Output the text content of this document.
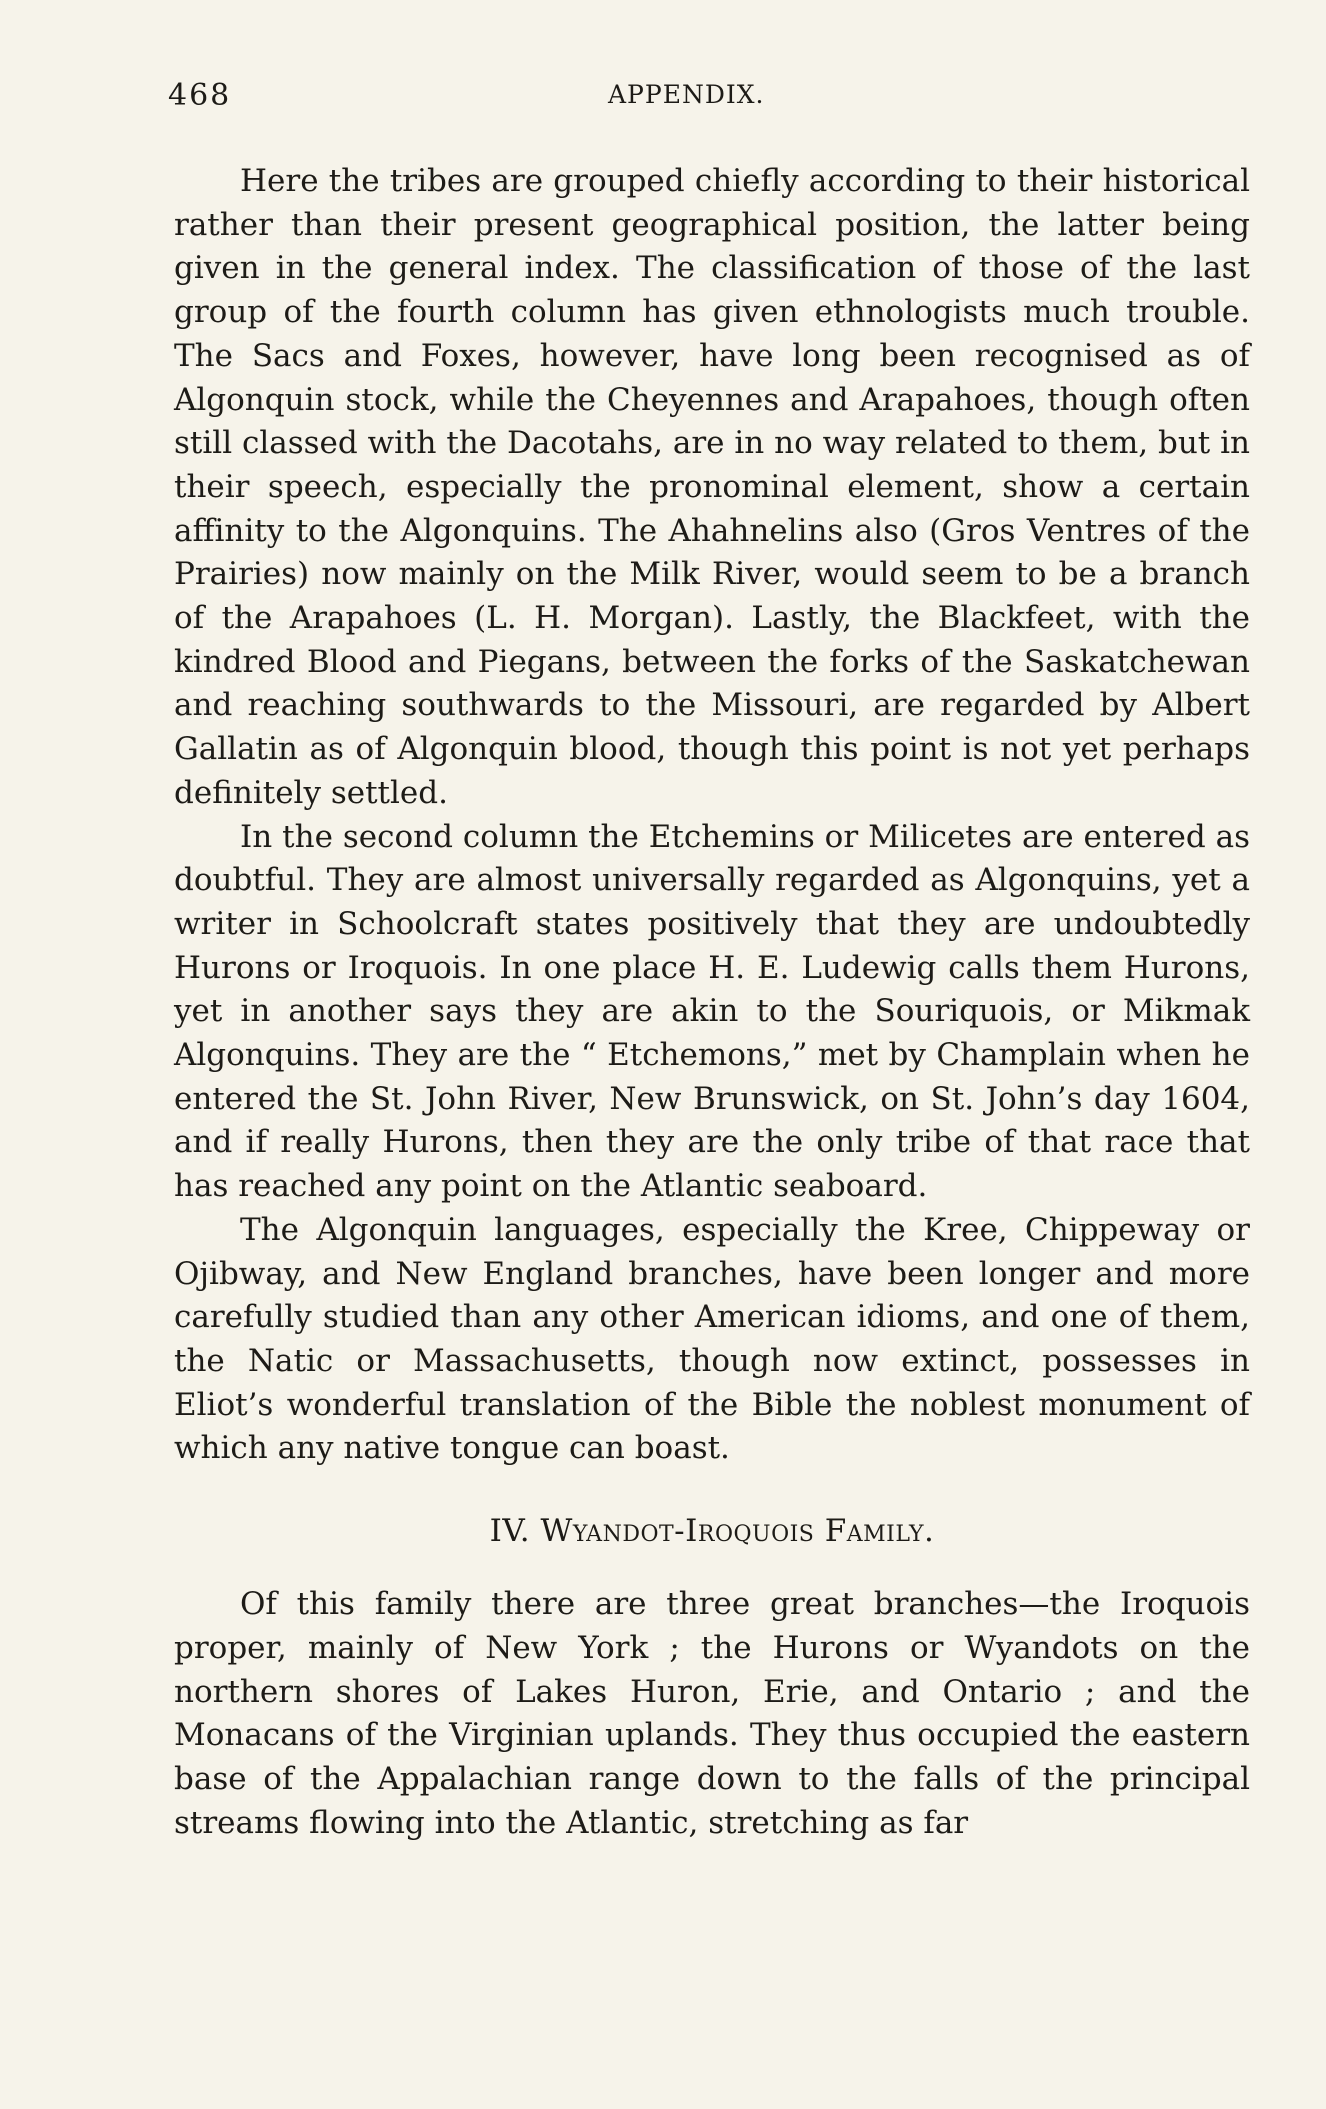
468	APPENDIX.

Here the tribes are grouped chiefly according to their historical rather than their present geographical position, the latter being given in the general index. The classification of those of the last group of the fourth column has given ethnologists much trouble. The Sacs and Foxes, however, have long been recognised as of Algonquin stock, while the Cheyennes and Arapahoes, though often still classed with the Dacotahs, are in no way related to them, but in their speech, especially the pronominal element, show a certain affinity to the Algonquins. The Ahahnelins also (Gros Ventres of the Prairies) now mainly on the Milk River, would seem to be a branch of the Arapahoes (L. H. Morgan). Lastly, the Blackfeet, with the kindred Blood and Piegans, between the forks of the Saskatchewan and reaching southwards to the Missouri, are regarded by Albert Gallatin as of Algonquin blood, though this point is not yet perhaps definitely settled.

In the second column the Etchemins or Milicetes are entered as doubtful. They are almost universally regarded as Algonquins, yet a writer in Schoolcraft states positively that they are undoubtedly Hurons or Iroquois. In one place H. E. Ludewig calls them Hurons, yet in another says they are akin to the Souriquois, or Mikmak Algonquins. They are the “ Etchemons,” met by Champlain when he entered the St. John River, New Brunswick, on St. John’s day 1604, and if really Hurons, then they are the only tribe of that race that has reached any point on the Atlantic seaboard.

The Algonquin languages, especially the Kree, Chippeway or Ojibway, and New England branches, have been longer and more carefully studied than any other American idioms, and one of them, the Natic or Massachusetts, though now extinct, possesses in Eliot’s wonderful translation of the Bible the noblest monument of which any native tongue can boast.

IV. Wyandot-Iroquois Family.

Of this family there are three great branches—the Iroquois proper, mainly of New York ; the Hurons or Wyandots on the northern shores of Lakes Huron, Erie, and Ontario ; and the Monacans of the Virginian uplands. They thus occupied the eastern base of the Appalachian range down to the falls of the principal streams flowing into the Atlantic, stretching as far
